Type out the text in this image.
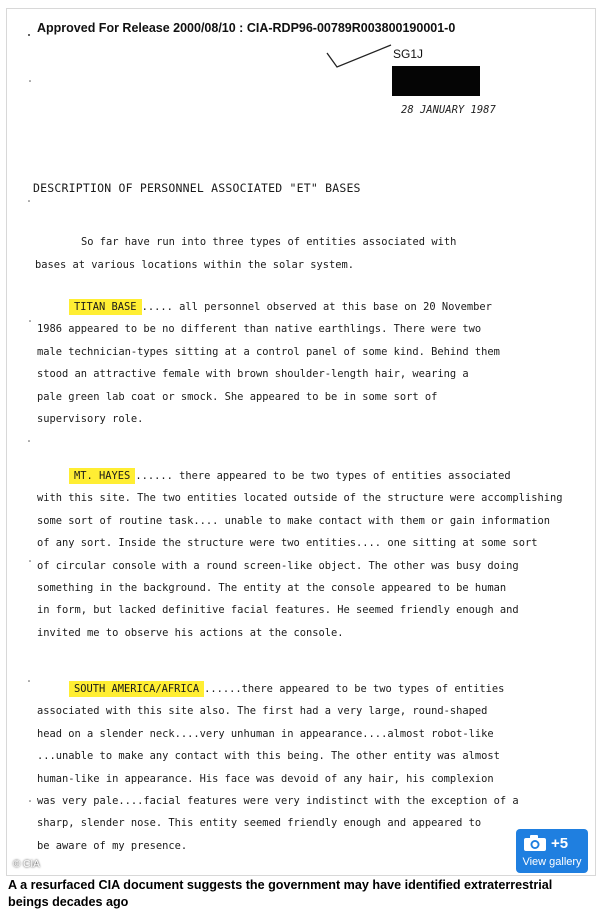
Approved For Release 2000/08/10 : CIA-RDP96-00789R003800190001-0
SG1J
28 JANUARY 1987
DESCRIPTION OF PERSONNEL ASSOCIATED "ET" BASES
So far have run into three types of entities associated with
bases at various locations within the solar system.

TITAN BASE ..... all personnel observed at this base on 20 November

1986 appeared to be no different than native earthlings. There were two

male technician-types sitting at a control panel of some kind. Behind them

stood an attractive female with brown shoulder-length hair, wearing a

pale green lab coat or smock. She appeared to be in some sort of

supervisory role.

MT. HAYES ...... there appeared to be two types of entities associated

with this site. The two entities located outside of the structure were accomplishing

some sort of routine task.... unable to make contact with them or gain information

of any sort. Inside the structure were two entities.... one sitting at some sort

of circular console with a round screen-like object. The other was busy doing

something in the background. The entity at the console appeared to be human

in form, but lacked definitive facial features. He seemed friendly enough and

invited me to observe his actions at the console.

SOUTH AMERICA/AFRICA ......there appeared to be two types of entities

associated with this site also. The first had a very large, round-shaped

head on a slender neck....very unhuman in appearance....almost robot-like

...unable to make any contact with this being. The other entity was almost

human-like in appearance. His face was devoid of any hair, his complexion

was very pale....facial features were very indistinct with the exception of a

sharp, slender nose. This entity seemed friendly enough and appeared to

be aware of my presence.

© CIA
+5
View gallery
A a resurfaced CIA document suggests the government may have identified extraterrestrial beings decades ago
